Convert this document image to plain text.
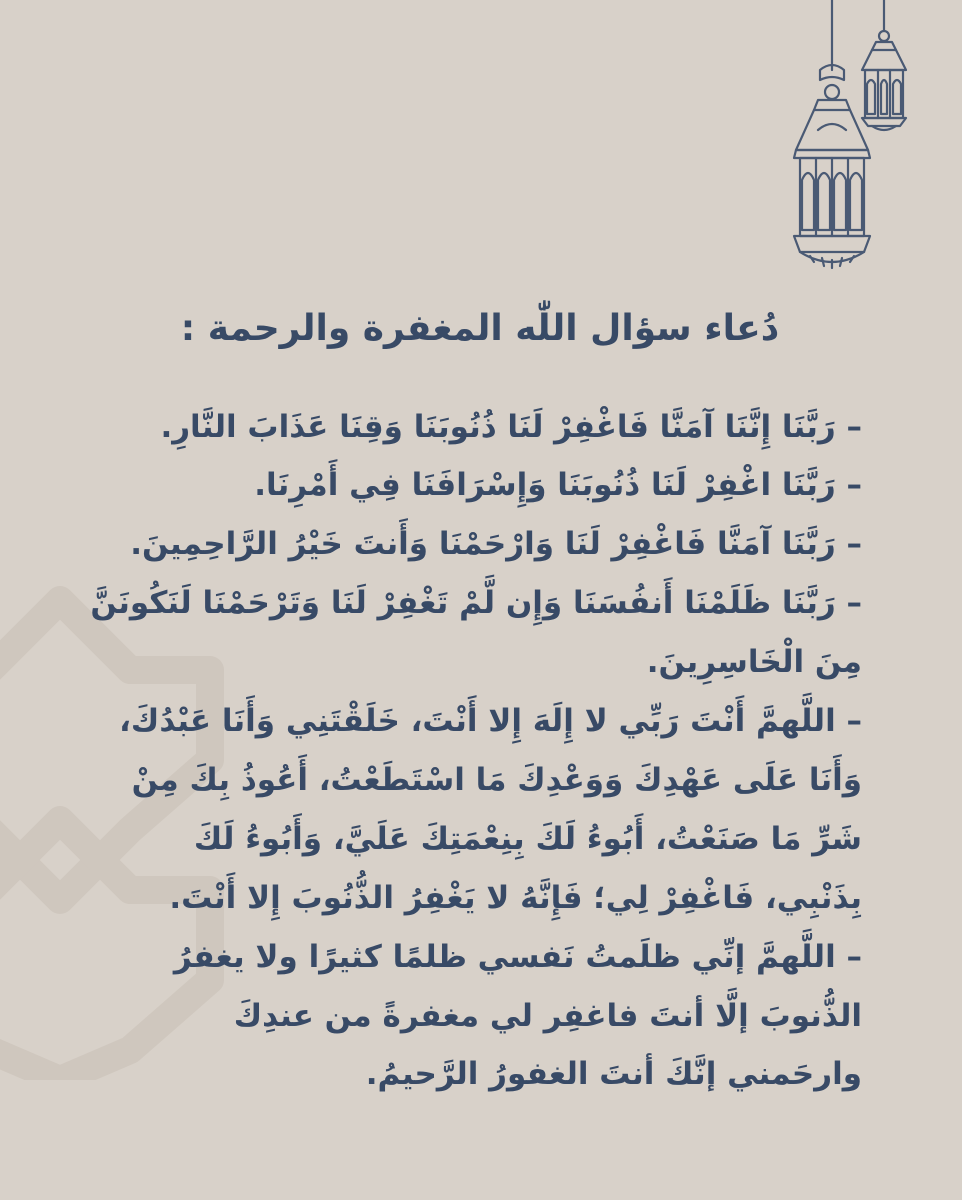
دُعاء سؤال اللّٰه المغفرة والرحمة :
– رَبَّنَا إِنَّنَا آمَنَّا فَاغْفِرْ لَنَا ذُنُوبَنَا وَقِنَا عَذَابَ النَّارِ.
– رَبَّنَا اغْفِرْ لَنَا ذُنُوبَنَا وَإِسْرَافَنَا فِي أَمْرِنَا.
– رَبَّنَا آمَنَّا فَاغْفِرْ لَنَا وَارْحَمْنَا وَأَنتَ خَيْرُ الرَّاحِمِينَ.
– رَبَّنَا ظَلَمْنَا أَنفُسَنَا وَإِن لَّمْ تَغْفِرْ لَنَا وَتَرْحَمْنَا لَنَكُونَنَّ مِنَ الْخَاسِرِينَ.
– اللَّهمَّ أَنْتَ رَبِّي لا إِلَهَ إِلا أَنْتَ، خَلَقْتَنِي وَأَنَا عَبْدُكَ، وَأَنَا عَلَى عَهْدِكَ وَوَعْدِكَ مَا اسْتَطَعْتُ، أَعُوذُ بِكَ مِنْ شَرِّ مَا صَنَعْتُ، أَبُوءُ لَكَ بِنِعْمَتِكَ عَلَيَّ، وَأَبُوءُ لَكَ بِذَنْبِي، فَاغْفِرْ لِي؛ فَإِنَّهُ لا يَغْفِرُ الذُّنُوبَ إِلا أَنْتَ.
– اللَّهمَّ إنِّي ظلَمتُ نَفسي ظلمًا كثيرًا ولا يغفرُ الذُّنوبَ إلَّا أنتَ فاغفِر لي مغفرةً من عندِكَ وارحَمني إنَّكَ أنتَ الغفورُ الرَّحيمُ.
